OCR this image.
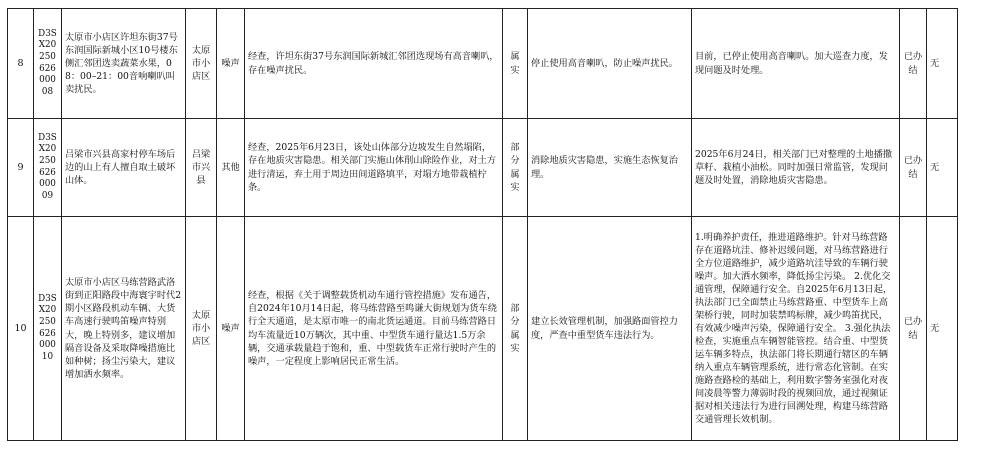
8	D3SX2025062600008	太原市小店区许坦东街37号东润国际新城小区10号楼东侧汇邻团选卖蔬菜水果，08：00–21：00音响喇叭叫卖扰民。	太原市小店区	噪声	经查，许坦东街37号东润国际新城汇邻团选现场有高音喇叭，存在噪声扰民。	属实	停止使用高音喇叭，防止噪声扰民。	目前，已停止使用高音喇叭。加大巡查力度，发现问题及时处理。	已办结	无
9	D3SX2025062600009	吕梁市兴县高家村停车场后边的山上有人擅自取土破坏山体。	吕梁市兴县	其他	经查，2025年6月23日，该处山体部分边坡发生自然塌陷，存在地质灾害隐患。相关部门实施山体削山除险作业，对土方进行清运，弃土用于周边田间道路填平，对塌方地带栽植柠条。	部分属实	消除地质灾害隐患，实施生态恢复治理。	2025年6月24日，相关部门已对整理的土地播撒草籽、栽植小油松。同时加强日常监管，发现问题及时处置，消除地质灾害隐患。	已办结	无
10	D3SX2025062600010	太原市小店区马练营路武洛街到正阳路段中海寰宇时代2期小区路段机动车辆、大货车高速行驶鸣笛噪声特别大，晚上特别多，建议增加隔音设备及采取降噪措施比如种树；扬尘污染大，建议增加洒水频率。	太原市小店区	噪声	经查，根据《关于调整载货机动车通行管控措施》发布通告，自2024年10月14日起，将马练营路至鸣谦大街规划为货车绕行全天通道，是太原市唯一的南北货运通道。目前马练营路日均车流量近10万辆次，其中重、中型货车通行量达1.5万余辆，交通承载量趋于饱和，重、中型载货车正常行驶时产生的噪声，一定程度上影响居民正常生活。	部分属实	建立长效管理机制，加强路面管控力度，严查中重型货车违法行为。	1.明确养护责任，推进道路维护。针对马练营路存在道路坑洼、修补迟缓问题，对马练营路进行全方位道路维护，减少道路坑洼导致的车辆行驶噪声。加大洒水频率，降低扬尘污染。 2.优化交通管理，保障通行安全。自2025年6月13日起，执法部门已全面禁止马练营路重、中型货车上高架桥行驶，同时加装禁鸣标牌，减少鸣笛扰民，有效减少噪声污染，保障通行安全。 3.强化执法检查，实施重点车辆智能管控。结合重、中型货运车辆多特点，执法部门将长期通行辖区的车辆纳入重点车辆管理系统，进行常态化管制。在实施路查路检的基础上，利用数字警务室强化对夜间凌晨等警力薄弱时段的视频回放，通过视频证据对相关违法行为进行回溯处理，构建马练营路交通管理长效机制。	已办结	无
